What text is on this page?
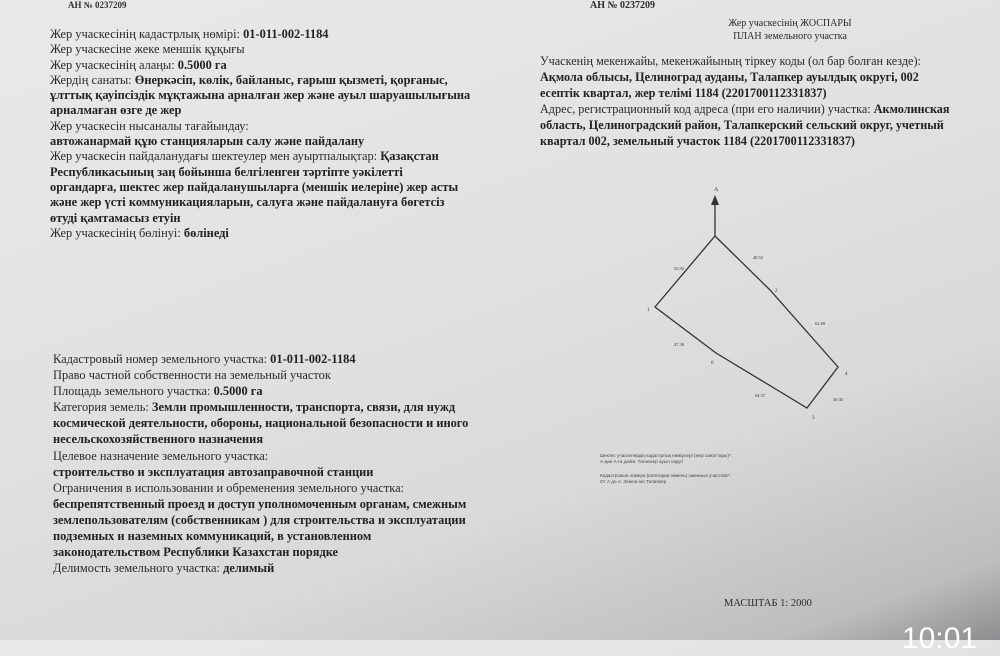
АН № 0237209	АН № 0237209
Жер учаскесінің кадастрлық нөмірі: 01-011-002-1184
Жер учаскесіне жеке меншік құқығы
Жер учаскесінің алаңы: 0.5000 га
Жердің санаты: Өнеркәсіп, көлік, байланыс, ғарыш қызметі, қорғаныс,
ұлттық қауіпсіздік мұқтажына арналған жер және ауыл шаруашылығына
арналмаған өзге де жер
Жер учаскесін нысаналы тағайындау:
автожанармай құю станцияларын салу және пайдалану
Жер учаскесін пайдаланудағы шектеулер мен ауыртпалықтар: Қазақстан
Республикасының заң бойынша белгіленген тәртіпте уәкілетті
органдарға, шектес жер пайдаланушыларға (меншік иелеріне) жер асты
және жер үсті коммуникацияларын, салуға және пайдалануға бөгетсіз
өтуді қамтамасыз етуін
Жер учаскесінің бөлінуі: бөлінеді
Кадастровый номер земельного участка: 01-011-002-1184
Право частной собственности на земельный участок
Площадь земельного участка: 0.5000 га
Категория земель: Земли промышленности, транспорта, связи, для нужд
космической деятельности, обороны, национальной безопасности и иного
несельскохозяйственного назначения
Целевое назначение земельного участка:
строительство и эксплуатация автозаправочной станции
Ограничения в использовании и обременения земельного участка:
беспрепятственный проезд и доступ уполномоченным органам, смежным
землепользователям (собственникам ) для строительства и эксплуатации
подземных и наземных коммуникаций, в установленном
законодательством Республики Казахстан порядке
Делимость земельного участка: делимый
Жер учаскесінің ЖОСПАРЫ
ПЛАН земельного участка
Учаскенің мекенжайы, мекенжайының тіркеу коды (ол бар болған кезде):
Ақмола облысы, Целиноград ауданы, Талапкер ауылдық округі, 002
есептік квартал, жер телімі 1184 (2201700112331837)
Адрес, регистрационный код адреса (при его наличии) участка: Акмолинская
область, Целиноградский район, Талапкерский сельский округ, учетный
квартал 002, земельный участок 1184 (2201700112331837)
А
1
2
3
4
6
53.92
48.52
62.89
30.45
64.37
47.38
Шектес учаскелердің кадастрлық нөмірлері (жер санаттары)*:
А-дан А-ға дейін: Талапкер ауыл округі
Кадастровые номера (категории земель) смежных участков*:
От А до А: Земли а/о Талапкер
МАСШТАБ 1: 2000
10:01
